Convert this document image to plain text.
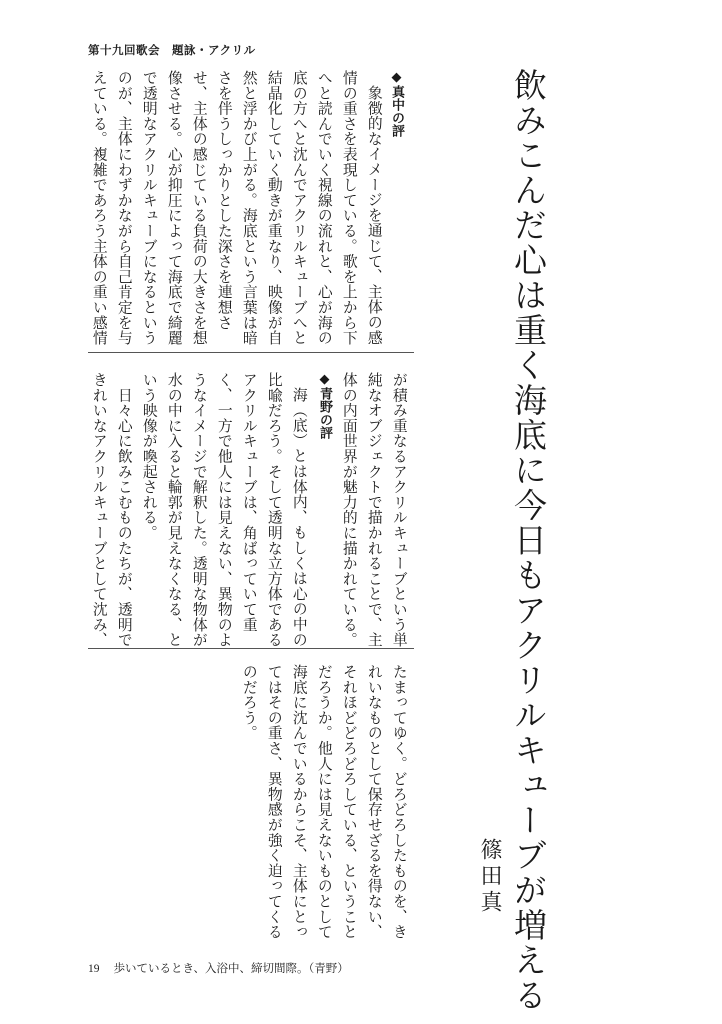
第十九回歌会　題詠・アクリル
飲みこんだ心は重く海底に今日もアクリルキューブが増える
篠田真
◆真中の評
象徴的なイメージを通じて、主体の感
情の重さを表現している。歌を上から下
へと読んでいく視線の流れと、心が海の
底の方へと沈んでアクリルキューブへと
結晶化していく動きが重なり、映像が自
然と浮かび上がる。海底という言葉は暗
さを伴うしっかりとした深さを連想さ
せ、主体の感じている負荷の大きさを想
像させる。心が抑圧によって海底で綺麗
で透明なアクリルキューブになるという
のが、主体にわずかながら自己肯定を与
えている。複雑であろう主体の重い感情
が積み重なるアクリルキューブという単
純なオブジェクトで描かれることで、主
体の内面世界が魅力的に描かれている。
◆青野の評
海（底）とは体内、もしくは心の中の
比喩だろう。そして透明な立方体である
アクリルキューブは、角ばっていて重
く、一方で他人には見えない、異物のよ
うなイメージで解釈した。透明な物体が
水の中に入ると輪郭が見えなくなる、と
いう映像が喚起される。
　日々心に飲みこむものたちが、透明で
きれいなアクリルキューブとして沈み、
たまってゆく。どろどろしたものを、き
れいなものとして保存せざるを得ない、
それほどどろどろしている、ということ
だろうか。他人には見えないものとして
海底に沈んでいるからこそ、主体にとっ
てはその重さ、異物感が強く迫ってくる
のだろう。
19 歩いているとき、入浴中、締切間際。（青野）
